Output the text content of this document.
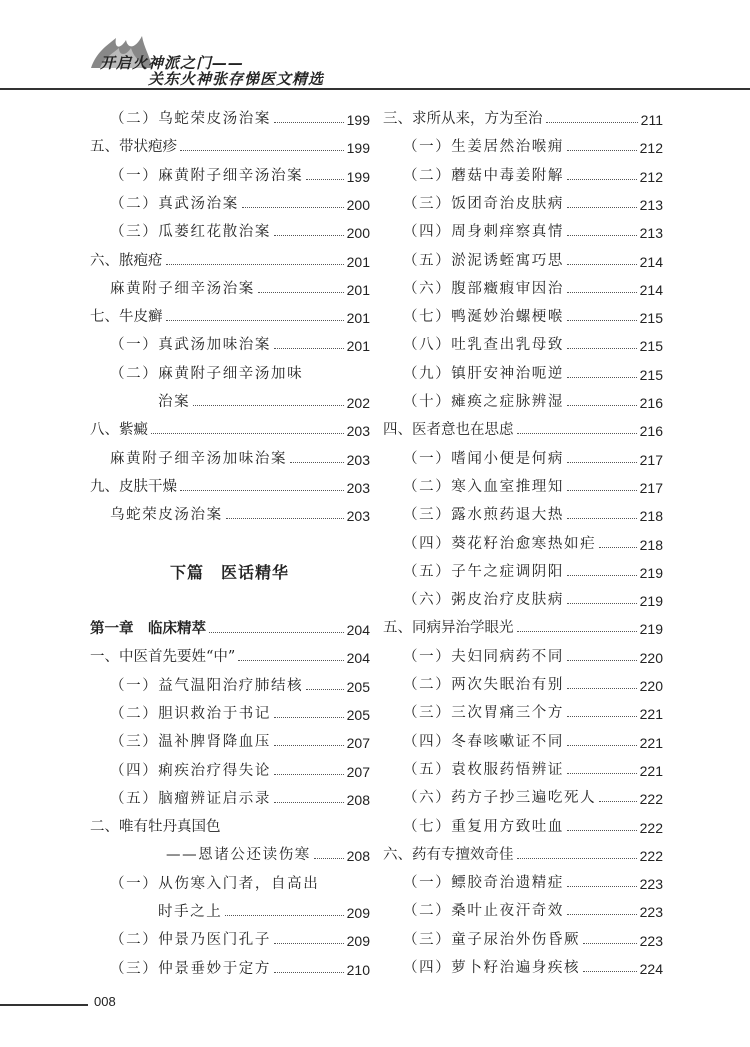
开启火神派之门——
关东火神张存悌医文精选
（二）乌蛇荣皮汤治案	199
五、带状疱疹	199
（一）麻黄附子细辛汤治案	199
（二）真武汤治案	200
（三）瓜蒌红花散治案	200
六、脓疱疮	201
麻黄附子细辛汤治案	201
七、牛皮癣	201
（一）真武汤加味治案	201
（二）麻黄附子细辛汤加味
治案	202
八、紫癜	203
麻黄附子细辛汤加味治案	203
九、皮肤干燥	203
乌蛇荣皮汤治案	203
下篇　医话精华
第一章　临床精萃	204
一、中医首先要姓“中”	204
（一）益气温阳治疗肺结核	205
（二）胆识救治于书记	205
（三）温补脾肾降血压	207
（四）痢疾治疗得失论	207
（五）脑瘤辨证启示录	208
二、唯有牡丹真国色
——恩诸公还读伤寒	208
（一）从伤寒入门者，自高出
时手之上	209
（二）仲景乃医门孔子	209
（三）仲景垂妙于定方	210
三、求所从来，方为至治	211
（一）生姜居然治喉痈	212
（二）蘑菇中毒姜附解	212
（三）饭团奇治皮肤病	213
（四）周身刺痒察真情	213
（五）淤泥诱蛭寓巧思	214
（六）腹部癥瘕审因治	214
（七）鸭涎妙治螺梗喉	215
（八）吐乳查出乳母致	215
（九）镇肝安神治呃逆	215
（十）瘫痪之症脉辨湿	216
四、医者意也在思虑	216
（一）嗜闻小便是何病	217
（二）寒入血室推理知	217
（三）露水煎药退大热	218
（四）葵花籽治愈寒热如疟	218
（五）子午之症调阴阳	219
（六）粥皮治疗皮肤病	219
五、同病异治学眼光	219
（一）夫妇同病药不同	220
（二）两次失眠治有别	220
（三）三次胃痛三个方	221
（四）冬春咳嗽证不同	221
（五）袁枚服药悟辨证	221
（六）药方子抄三遍吃死人	222
（七）重复用方致吐血	222
六、药有专擅效奇佳	222
（一）鳔胶奇治遗精症	223
（二）桑叶止夜汗奇效	223
（三）童子尿治外伤昏厥	223
（四）萝卜籽治遍身疾核	224
008
